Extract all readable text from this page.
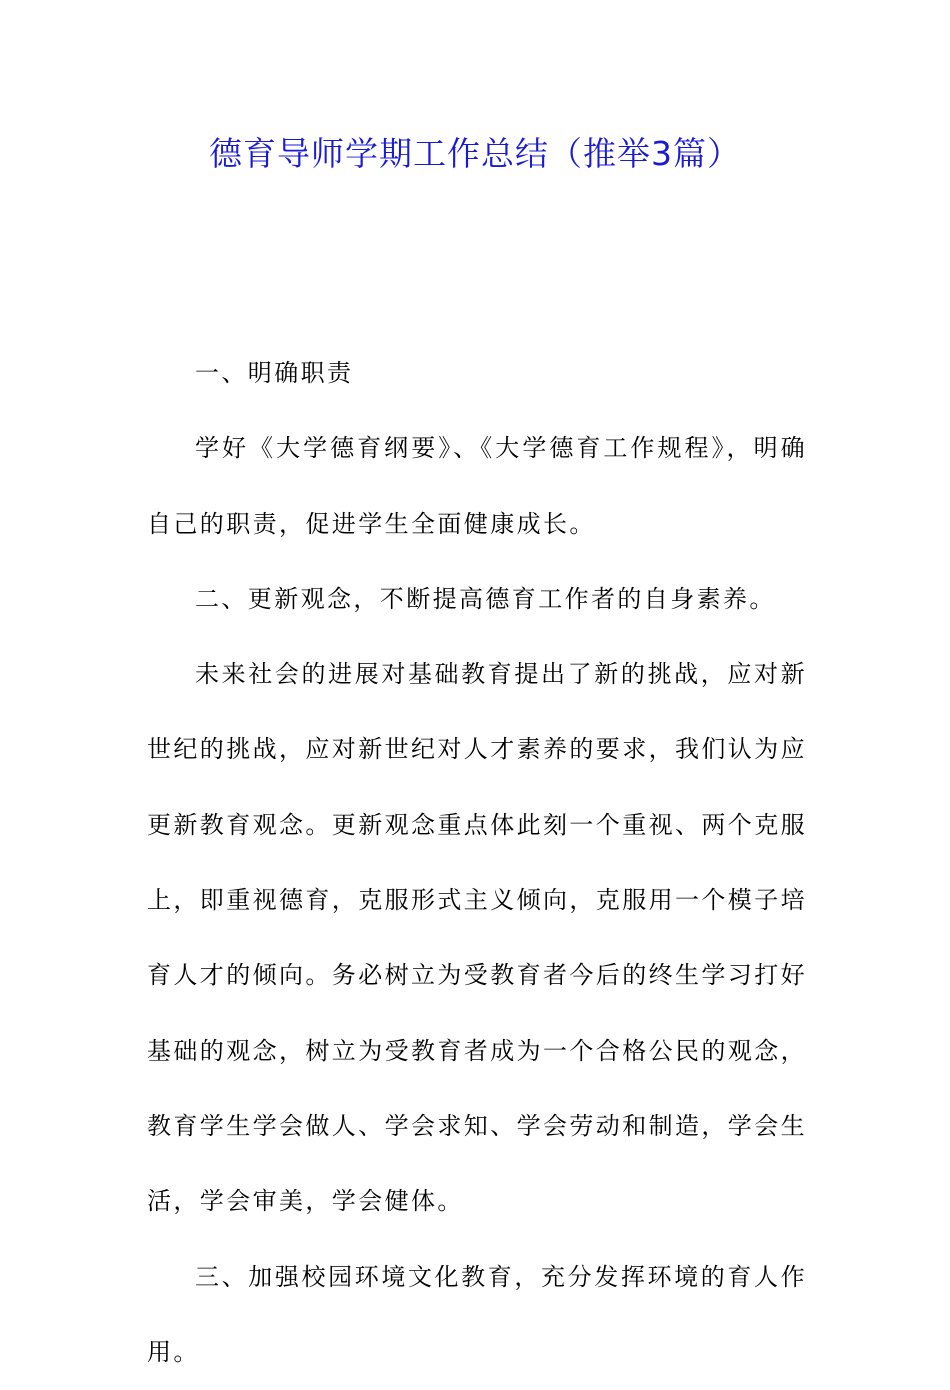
德育导师学期工作总结（推举3篇）

一、明确职责

学好《大学德育纲要》、《大学德育工作规程》，明确自己的职责，促进学生全面健康成长。

二、更新观念，不断提高德育工作者的自身素养。

未来社会的进展对基础教育提出了新的挑战，应对新世纪的挑战，应对新世纪对人才素养的要求，我们认为应更新教育观念。更新观念重点体此刻一个重视、两个克服上，即重视德育，克服形式主义倾向，克服用一个模子培育人才的倾向。务必树立为受教育者今后的终生学习打好基础的观念，树立为受教育者成为一个合格公民的观念，教育学生学会做人、学会求知、学会劳动和制造，学会生活，学会审美，学会健体。

三、加强校园环境文化教育，充分发挥环境的育人作用。
